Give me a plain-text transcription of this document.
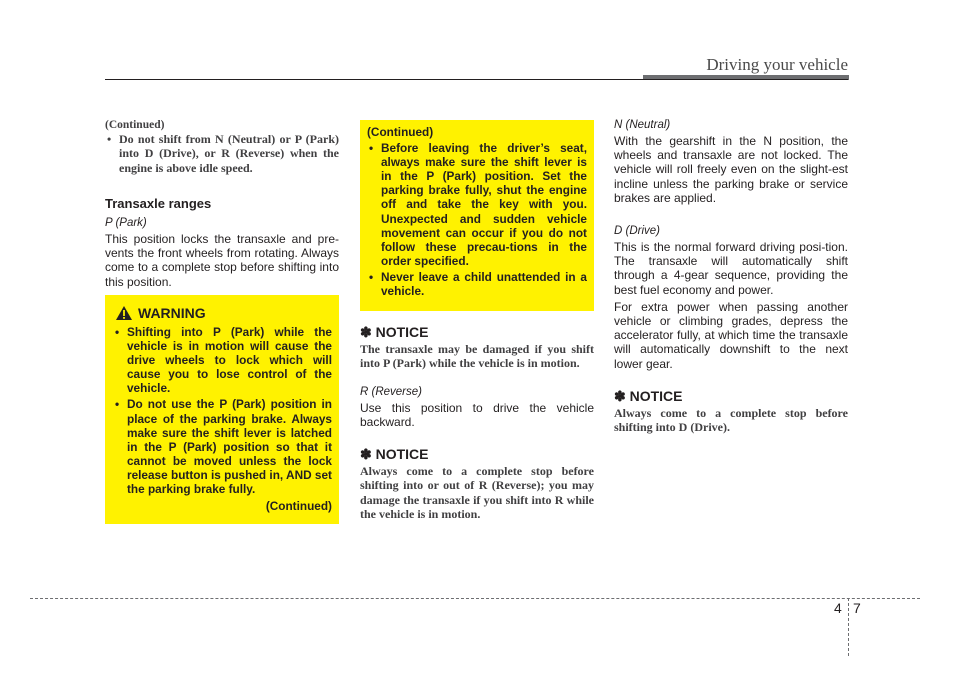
Driving your vehicle

(Continued)

• Do not shift from N (Neutral) or P (Park) into D (Drive), or R (Reverse) when the engine is above idle speed.

Transaxle ranges

P (Park)

This position locks the transaxle and pre-vents the front wheels from rotating. Always come to a complete stop before shifting into this position.

WARNING
• Shifting into P (Park) while the vehicle is in motion will cause the drive wheels to lock which will cause you to lose control of the vehicle.
• Do not use the P (Park) position in place of the parking brake. Always make sure the shift lever is latched in the P (Park) position so that it cannot be moved unless the lock release button is pushed in, AND set the parking brake fully.

(Continued)

(Continued)

• Before leaving the driver’s seat, always make sure the shift lever is in the P (Park) position. Set the parking brake fully, shut the engine off and take the key with you. Unexpected and sudden vehicle movement can occur if you do not follow these precau-tions in the order specified.
• Never leave a child unattended in a vehicle.

✽ NOTICE

The transaxle may be damaged if you shift into P (Park) while the vehicle is in motion.

R (Reverse)

Use this position to drive the vehicle backward.

✽ NOTICE

Always come to a complete stop before shifting into or out of R (Reverse); you may damage the transaxle if you shift into R while the vehicle is in motion.

N (Neutral)

With the gearshift in the N position, the wheels and transaxle are not locked. The vehicle will roll freely even on the slight-est incline unless the parking brake or service brakes are applied.

D (Drive)

This is the normal forward driving posi-tion. The transaxle will automatically shift through a 4-gear sequence, providing the best fuel economy and power.

For extra power when passing another vehicle or climbing grades, depress the accelerator fully, at which time the transaxle will automatically downshift to the next lower gear.

✽ NOTICE

Always come to a complete stop before shifting into D (Drive).

4 7
